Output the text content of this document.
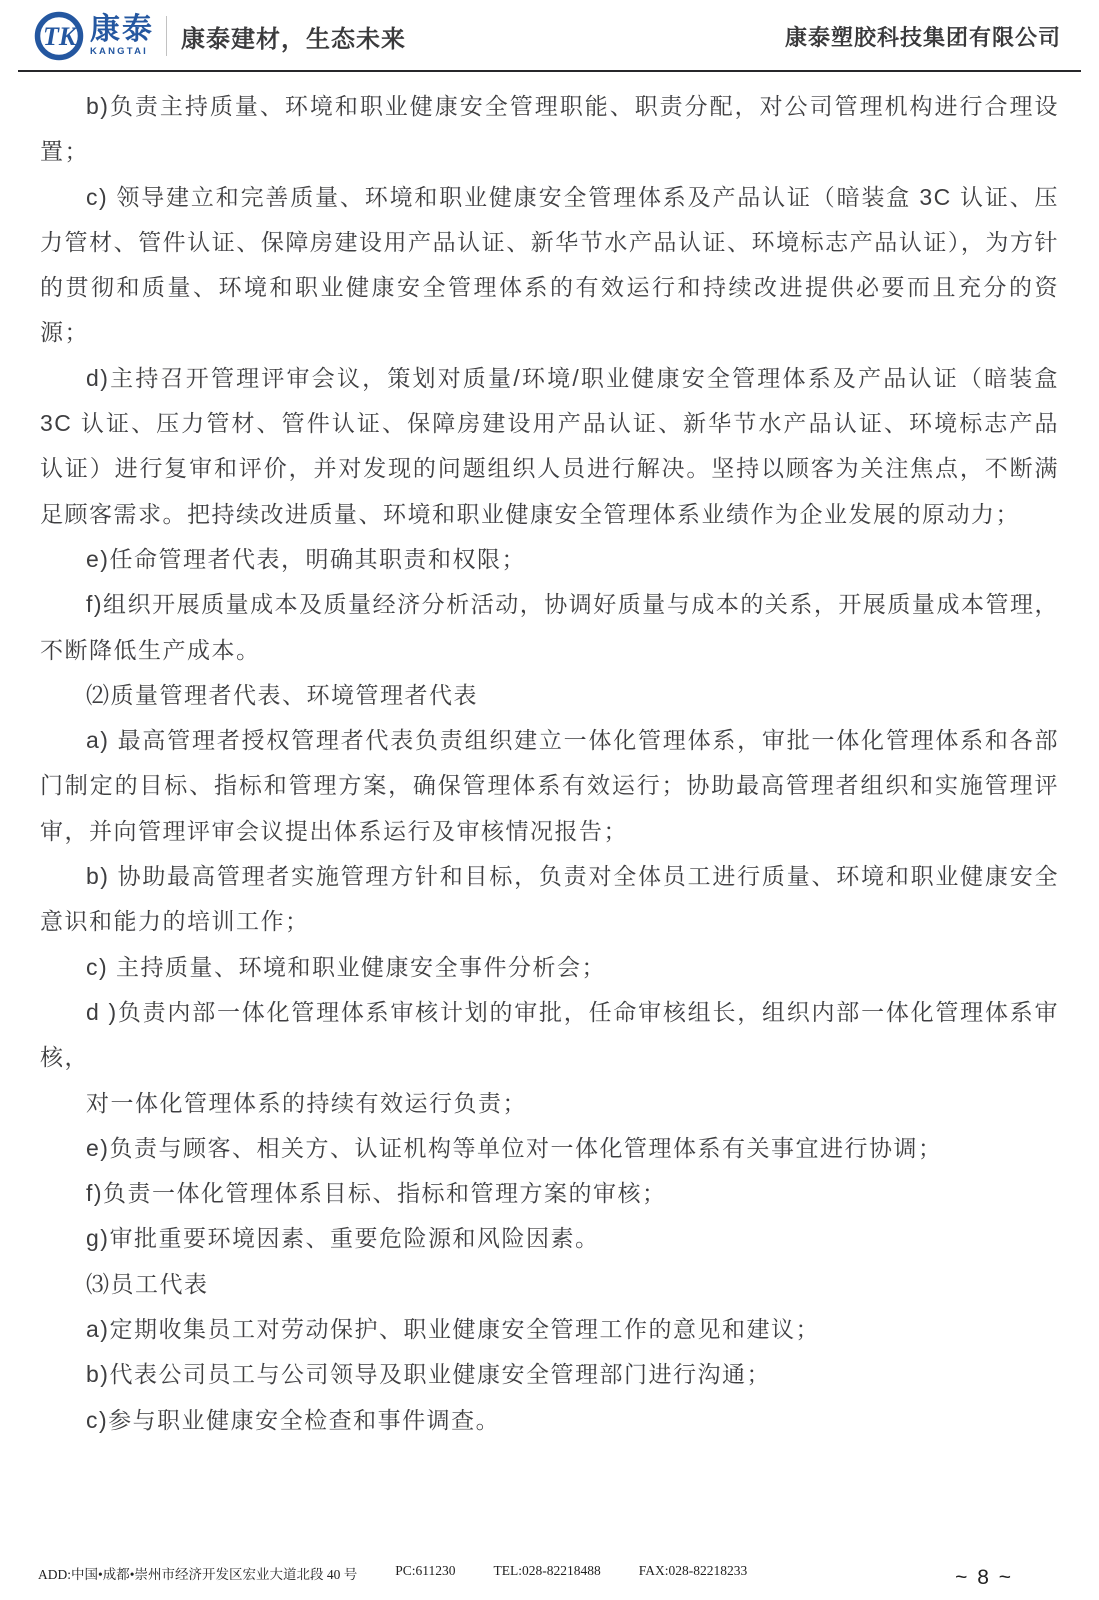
TK 康泰
KANGTAI 康泰建材，生态未来	康泰塑胶科技集团有限公司

b)负责主持质量、环境和职业健康安全管理职能、职责分配，对公司管理机构进行合理设置；

c) 领导建立和完善质量、环境和职业健康安全管理体系及产品认证（暗装盒 3C 认证、压力管材、管件认证、保障房建设用产品认证、新华节水产品认证、环境标志产品认证），为方针的贯彻和质量、环境和职业健康安全管理体系的有效运行和持续改进提供必要而且充分的资源；

d)主持召开管理评审会议，策划对质量/环境/职业健康安全管理体系及产品认证（暗装盒 3C 认证、压力管材、管件认证、保障房建设用产品认证、新华节水产品认证、环境标志产品认证）进行复审和评价，并对发现的问题组织人员进行解决。坚持以顾客为关注焦点，不断满足顾客需求。把持续改进质量、环境和职业健康安全管理体系业绩作为企业发展的原动力；

e)任命管理者代表，明确其职责和权限；

f)组织开展质量成本及质量经济分析活动，协调好质量与成本的关系，开展质量成本管理，不断降低生产成本。

⑵质量管理者代表、环境管理者代表

a) 最高管理者授权管理者代表负责组织建立一体化管理体系，审批一体化管理体系和各部门制定的目标、指标和管理方案，确保管理体系有效运行；协助最高管理者组织和实施管理评审，并向管理评审会议提出体系运行及审核情况报告；

b) 协助最高管理者实施管理方针和目标，负责对全体员工进行质量、环境和职业健康安全意识和能力的培训工作；

c) 主持质量、环境和职业健康安全事件分析会；

d )负责内部一体化管理体系审核计划的审批，任命审核组长，组织内部一体化管理体系审核，

对一体化管理体系的持续有效运行负责；

e)负责与顾客、相关方、认证机构等单位对一体化管理体系有关事宜进行协调；

f)负责一体化管理体系目标、指标和管理方案的审核；

g)审批重要环境因素、重要危险源和风险因素。

⑶员工代表

a)定期收集员工对劳动保护、职业健康安全管理工作的意见和建议；

b)代表公司员工与公司领导及职业健康安全管理部门进行沟通；

c)参与职业健康安全检查和事件调查。

ADD:中国•成都•崇州市经济开发区宏业大道北段 40 号	PC:611230	TEL:028-82218488	FAX:028-82218233	~ 8 ~
